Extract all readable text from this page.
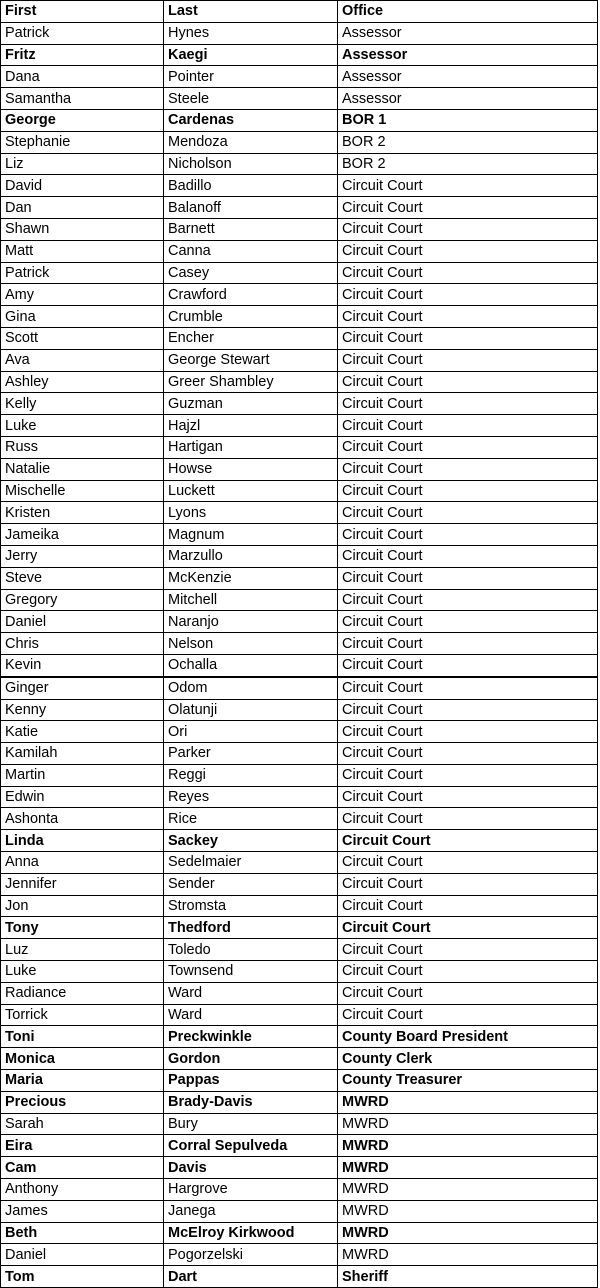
First	Last	Office
Patrick	Hynes	Assessor
Fritz	Kaegi	Assessor
Dana	Pointer	Assessor
Samantha	Steele	Assessor
George	Cardenas	BOR 1
Stephanie	Mendoza	BOR 2
Liz	Nicholson	BOR 2
David	Badillo	Circuit Court
Dan	Balanoff	Circuit Court
Shawn	Barnett	Circuit Court
Matt	Canna	Circuit Court
Patrick	Casey	Circuit Court
Amy	Crawford	Circuit Court
Gina	Crumble	Circuit Court
Scott	Encher	Circuit Court
Ava	George Stewart	Circuit Court
Ashley	Greer Shambley	Circuit Court
Kelly	Guzman	Circuit Court
Luke	Hajzl	Circuit Court
Russ	Hartigan	Circuit Court
Natalie	Howse	Circuit Court
Mischelle	Luckett	Circuit Court
Kristen	Lyons	Circuit Court
Jameika	Magnum	Circuit Court
Jerry	Marzullo	Circuit Court
Steve	McKenzie	Circuit Court
Gregory	Mitchell	Circuit Court
Daniel	Naranjo	Circuit Court
Chris	Nelson	Circuit Court
Kevin	Ochalla	Circuit Court
Ginger	Odom	Circuit Court
Kenny	Olatunji	Circuit Court
Katie	Ori	Circuit Court
Kamilah	Parker	Circuit Court
Martin	Reggi	Circuit Court
Edwin	Reyes	Circuit Court
Ashonta	Rice	Circuit Court
Linda	Sackey	Circuit Court
Anna	Sedelmaier	Circuit Court
Jennifer	Sender	Circuit Court
Jon	Stromsta	Circuit Court
Tony	Thedford	Circuit Court
Luz	Toledo	Circuit Court
Luke	Townsend	Circuit Court
Radiance	Ward	Circuit Court
Torrick	Ward	Circuit Court
Toni	Preckwinkle	County Board President
Monica	Gordon	County Clerk
Maria	Pappas	County Treasurer
Precious	Brady-Davis	MWRD
Sarah	Bury	MWRD
Eira	Corral Sepulveda	MWRD
Cam	Davis	MWRD
Anthony	Hargrove	MWRD
James	Janega	MWRD
Beth	McElroy Kirkwood	MWRD
Daniel	Pogorzelski	MWRD
Tom	Dart	Sheriff
